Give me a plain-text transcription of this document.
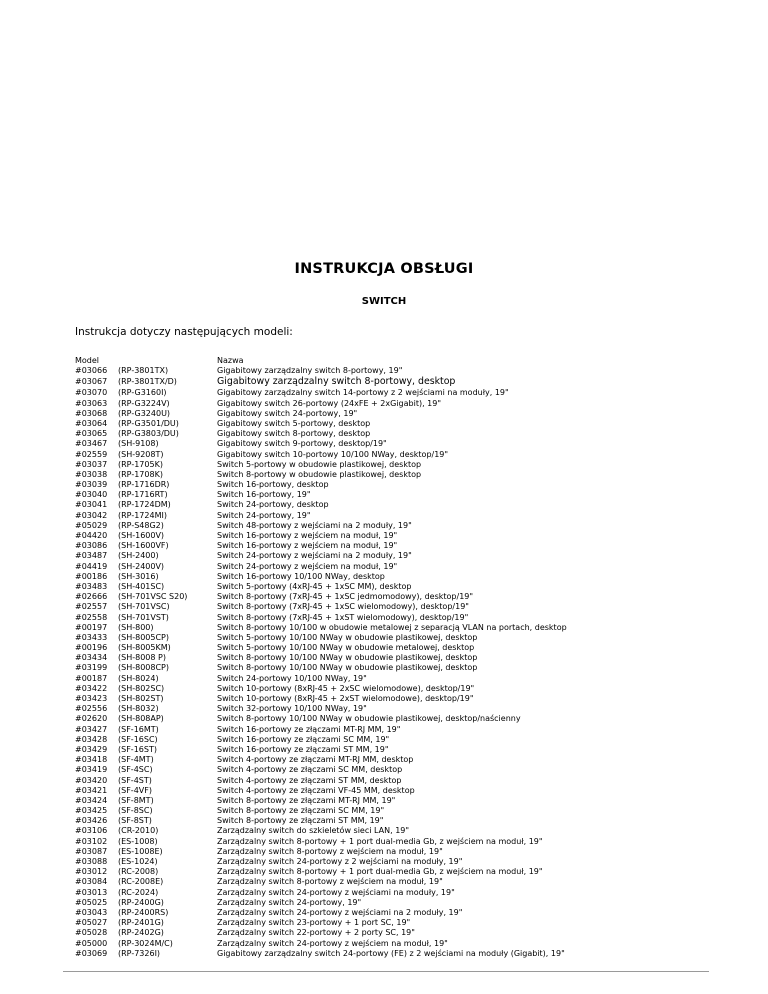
INSTRUKCJA OBSŁUGI
SWITCH
Instrukcja dotyczy następujących modeli:
Model	Nazwa
#03066 (RP-3801TX)	Gigabitowy zarządzalny switch 8-portowy, 19"
#03067 (RP-3801TX/D)	Gigabitowy zarządzalny switch 8-portowy, desktop
#03070 (RP-G3160I)	Gigabitowy zarządzalny switch 14-portowy z 2 wejściami na moduły, 19"
#03063 (RP-G3224V)	Gigabitowy switch 26-portowy (24xFE + 2xGigabit), 19"
#03068 (RP-G3240U)	Gigabitowy switch 24-portowy, 19"
#03064 (RP-G3501/DU)	Gigabitowy switch 5-portowy, desktop
#03065 (RP-G3803/DU)	Gigabitowy switch 8-portowy, desktop
#03467 (SH-9108)	Gigabitowy switch 9-portowy, desktop/19"
#02559 (SH-9208T)	Gigabitowy switch 10-portowy 10/100 NWay, desktop/19"
#03037 (RP-1705K)	Switch 5-portowy w obudowie plastikowej, desktop
#03038 (RP-1708K)	Switch 8-portowy w obudowie plastikowej, desktop
#03039 (RP-1716DR)	Switch 16-portowy, desktop
#03040 (RP-1716RT)	Switch 16-portowy, 19"
#03041 (RP-1724DM)	Switch 24-portowy, desktop
#03042 (RP-1724MI)	Switch 24-portowy, 19"
#05029 (RP-S48G2)	Switch 48-portowy z wejściami na 2 moduły, 19"
#04420 (SH-1600V)	Switch 16-portowy z wejściem na moduł, 19"
#03086 (SH-1600VF)	Switch 16-portowy z wejściem na moduł, 19"
#03487 (SH-2400)	Switch 24-portowy z wejściami na 2 moduły, 19"
#04419 (SH-2400V)	Switch 24-portowy z wejściem na moduł, 19"
#00186 (SH-3016)	Switch 16-portowy 10/100 NWay, desktop
#03483 (SH-401SC)	Switch 5-portowy (4xRJ-45 + 1xSC MM), desktop
#02666 (SH-701VSC S20)	Switch 8-portowy (7xRJ-45 + 1xSC jedmomodowy), desktop/19"
#02557 (SH-701VSC)	Switch 8-portowy (7xRJ-45 + 1xSC wielomodowy), desktop/19"
#02558 (SH-701VST)	Switch 8-portowy (7xRJ-45 + 1xST wielomodowy), desktop/19"
#00197 (SH-800)	Switch 8-portowy 10/100 w obudowie metalowej z separacją VLAN na portach, desktop
#03433 (SH-8005CP)	Switch 5-portowy 10/100 NWay w obudowie plastikowej, desktop
#00196 (SH-8005KM)	Switch 5-portowy 10/100 NWay w obudowie metalowej, desktop
#03434 (SH-8008 P)	Switch 8-portowy 10/100 NWay w obudowie plastikowej, desktop
#03199 (SH-8008CP)	Switch 8-portowy 10/100 NWay w obudowie plastikowej, desktop
#00187 (SH-8024)	Switch 24-portowy 10/100 NWay, 19"
#03422 (SH-802SC)	Switch 10-portowy (8xRJ-45 + 2xSC wielomodowe), desktop/19"
#03423 (SH-802ST)	Switch 10-portowy (8xRJ-45 + 2xST wielomodowe), desktop/19"
#02556 (SH-8032)	Switch 32-portowy 10/100 NWay, 19"
#02620 (SH-808AP)	Switch 8-portowy 10/100 NWay w obudowie plastikowej, desktop/naścienny
#03427 (SF-16MT)	Switch 16-portowy ze złączami MT-RJ MM, 19"
#03428 (SF-16SC)	Switch 16-portowy ze złączami SC MM, 19"
#03429 (SF-16ST)	Switch 16-portowy ze złączami ST MM, 19"
#03418 (SF-4MT)	Switch 4-portowy ze złączami MT-RJ MM, desktop
#03419 (SF-4SC)	Switch 4-portowy ze złączami SC MM, desktop
#03420 (SF-4ST)	Switch 4-portowy ze złączami ST MM, desktop
#03421 (SF-4VF)	Switch 4-portowy ze złączami VF-45 MM, desktop
#03424 (SF-8MT)	Switch 8-portowy ze złączami MT-RJ MM, 19"
#03425 (SF-8SC)	Switch 8-portowy ze złączami SC MM, 19"
#03426 (SF-8ST)	Switch 8-portowy ze złączami ST MM, 19"
#03106 (CR-2010)	Zarządzalny switch do szkieletów sieci LAN, 19"
#03102 (ES-1008)	Zarządzalny switch 8-portowy + 1 port dual-media Gb, z wejściem na moduł, 19"
#03087 (ES-1008E)	Zarządzalny switch 8-portowy z wejściem na moduł, 19"
#03088 (ES-1024)	Zarządzalny switch 24-portowy z 2 wejściami na moduły, 19"
#03012 (RC-2008)	Zarządzalny switch 8-portowy + 1 port dual-media Gb, z wejściem na moduł, 19"
#03084 (RC-2008E)	Zarządzalny switch 8-portowy z wejściem na moduł, 19"
#03013 (RC-2024)	Zarządzalny switch 24-portowy z wejściami na moduły, 19"
#05025 (RP-2400G)	Zarządzalny switch 24-portowy, 19"
#03043 (RP-2400RS)	Zarządzalny switch 24-portowy z wejściami na 2 moduły, 19"
#05027 (RP-2401G)	Zarządzalny switch 23-portowy + 1 port SC, 19"
#05028 (RP-2402G)	Zarządzalny switch 22-portowy + 2 porty SC, 19"
#05000 (RP-3024M/C)	Zarządzalny switch 24-portowy z wejściem na moduł, 19"
#03069 (RP-7326I)	Gigabitowy zarządzalny switch 24-portowy (FE) z 2 wejściami na moduły (Gigabit), 19"
